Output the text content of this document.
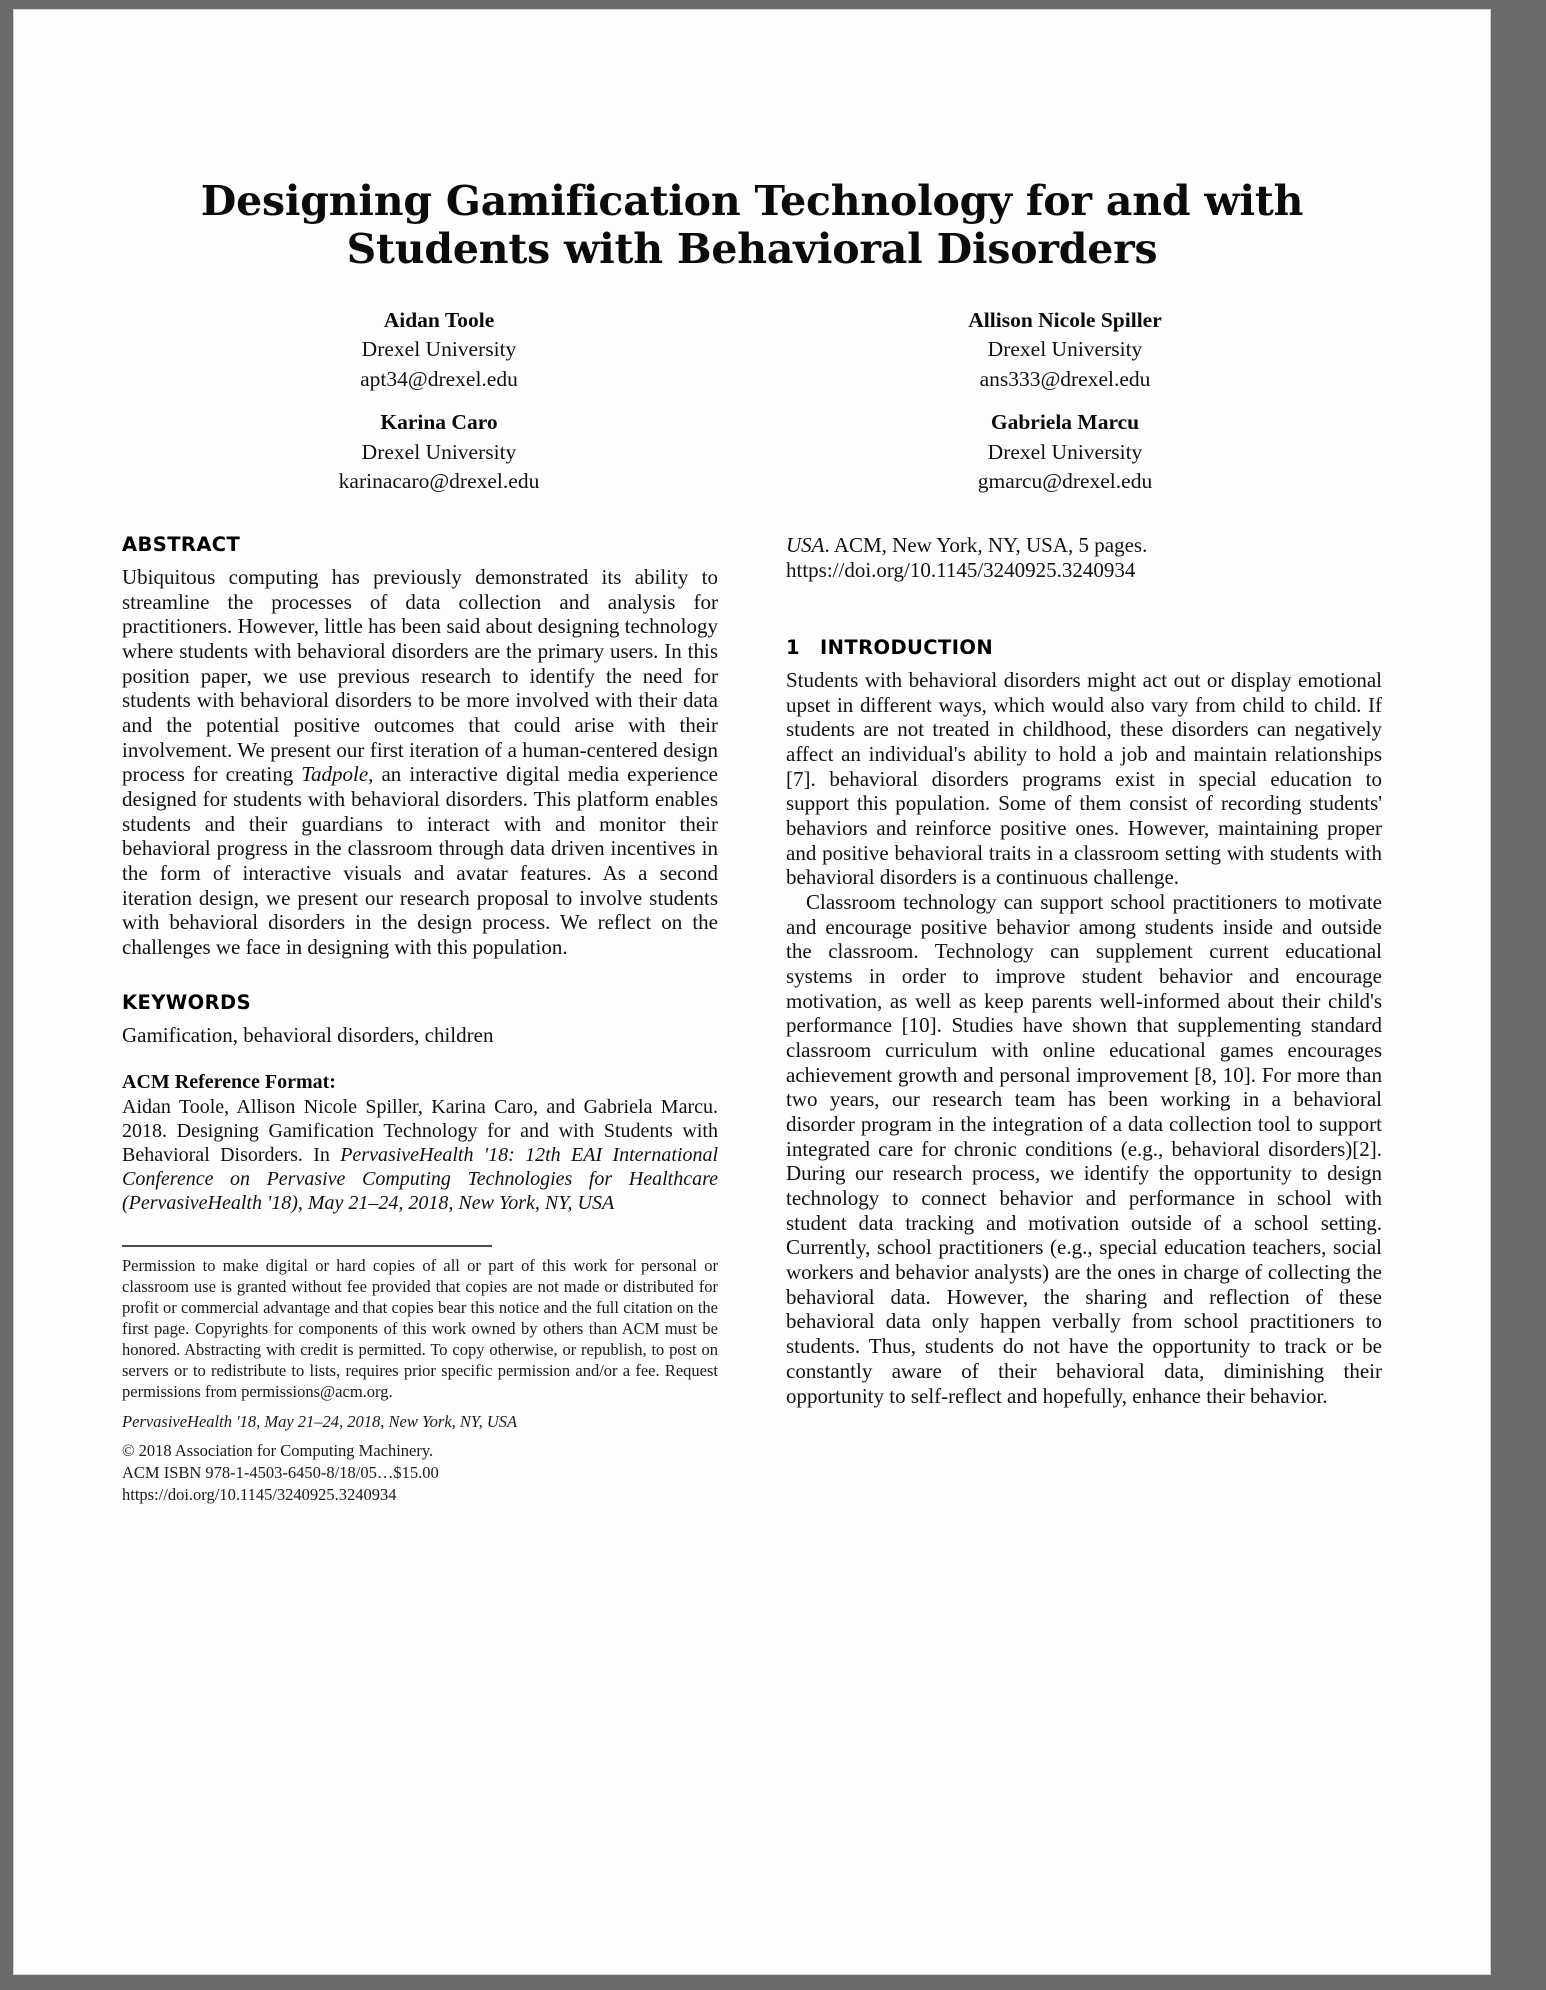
Designing Gamification Technology for and with Students with Behavioral Disorders
Aidan Toole
Drexel University
apt34@drexel.edu
Allison Nicole Spiller
Drexel University
ans333@drexel.edu
Karina Caro
Drexel University
karinacaro@drexel.edu
Gabriela Marcu
Drexel University
gmarcu@drexel.edu
ABSTRACT

Ubiquitous computing has previously demonstrated its ability to streamline the processes of data collection and analysis for practitioners. However, little has been said about designing technology where students with behavioral disorders are the primary users. In this position paper, we use previous research to identify the need for students with behavioral disorders to be more involved with their data and the potential positive outcomes that could arise with their involvement. We present our first iteration of a human-centered design process for creating Tadpole, an interactive digital media experience designed for students with behavioral disorders. This platform enables students and their guardians to interact with and monitor their behavioral progress in the classroom through data driven incentives in the form of interactive visuals and avatar features. As a second iteration design, we present our research proposal to involve students with behavioral disorders in the design process. We reflect on the challenges we face in designing with this population.

KEYWORDS
Gamification, behavioral disorders, children
ACM Reference Format:
Aidan Toole, Allison Nicole Spiller, Karina Caro, and Gabriela Marcu. 2018. Designing Gamification Technology for and with Students with Behavioral Disorders. In PervasiveHealth '18: 12th EAI International Conference on Pervasive Computing Technologies for Healthcare (PervasiveHealth '18), May 21–24, 2018, New York, NY, USA

Permission to make digital or hard copies of all or part of this work for personal or classroom use is granted without fee provided that copies are not made or distributed for profit or commercial advantage and that copies bear this notice and the full citation on the first page. Copyrights for components of this work owned by others than ACM must be honored. Abstracting with credit is permitted. To copy otherwise, or republish, to post on servers or to redistribute to lists, requires prior specific permission and/or a fee. Request permissions from permissions@acm.org.

PervasiveHealth '18, May 21–24, 2018, New York, NY, USA
© 2018 Association for Computing Machinery.
ACM ISBN 978-1-4503-6450-8/18/05…$15.00
https://doi.org/10.1145/3240925.3240934
USA. ACM, New York, NY, USA, 5 pages. https://doi.org/10.1145/3240925.3240934
1	INTRODUCTION

Students with behavioral disorders might act out or display emotional upset in different ways, which would also vary from child to child. If students are not treated in childhood, these disorders can negatively affect an individual's ability to hold a job and maintain relationships [7]. behavioral disorders programs exist in special education to support this population. Some of them consist of recording students' behaviors and reinforce positive ones. However, maintaining proper and positive behavioral traits in a classroom setting with students with behavioral disorders is a continuous challenge.

Classroom technology can support school practitioners to motivate and encourage positive behavior among students inside and outside the classroom. Technology can supplement current educational systems in order to improve student behavior and encourage motivation, as well as keep parents well-informed about their child's performance [10]. Studies have shown that supplementing standard classroom curriculum with online educational games encourages achievement growth and personal improvement [8, 10]. For more than two years, our research team has been working in a behavioral disorder program in the integration of a data collection tool to support integrated care for chronic conditions (e.g., behavioral disorders)[2]. During our research process, we identify the opportunity to design technology to connect behavior and performance in school with student data tracking and motivation outside of a school setting. Currently, school practitioners (e.g., special education teachers, social workers and behavior analysts) are the ones in charge of collecting the behavioral data. However, the sharing and reflection of these behavioral data only happen verbally from school practitioners to students. Thus, students do not have the opportunity to track or be constantly aware of their behavioral data, diminishing their opportunity to self-reflect and hopefully, enhance their behavior.
